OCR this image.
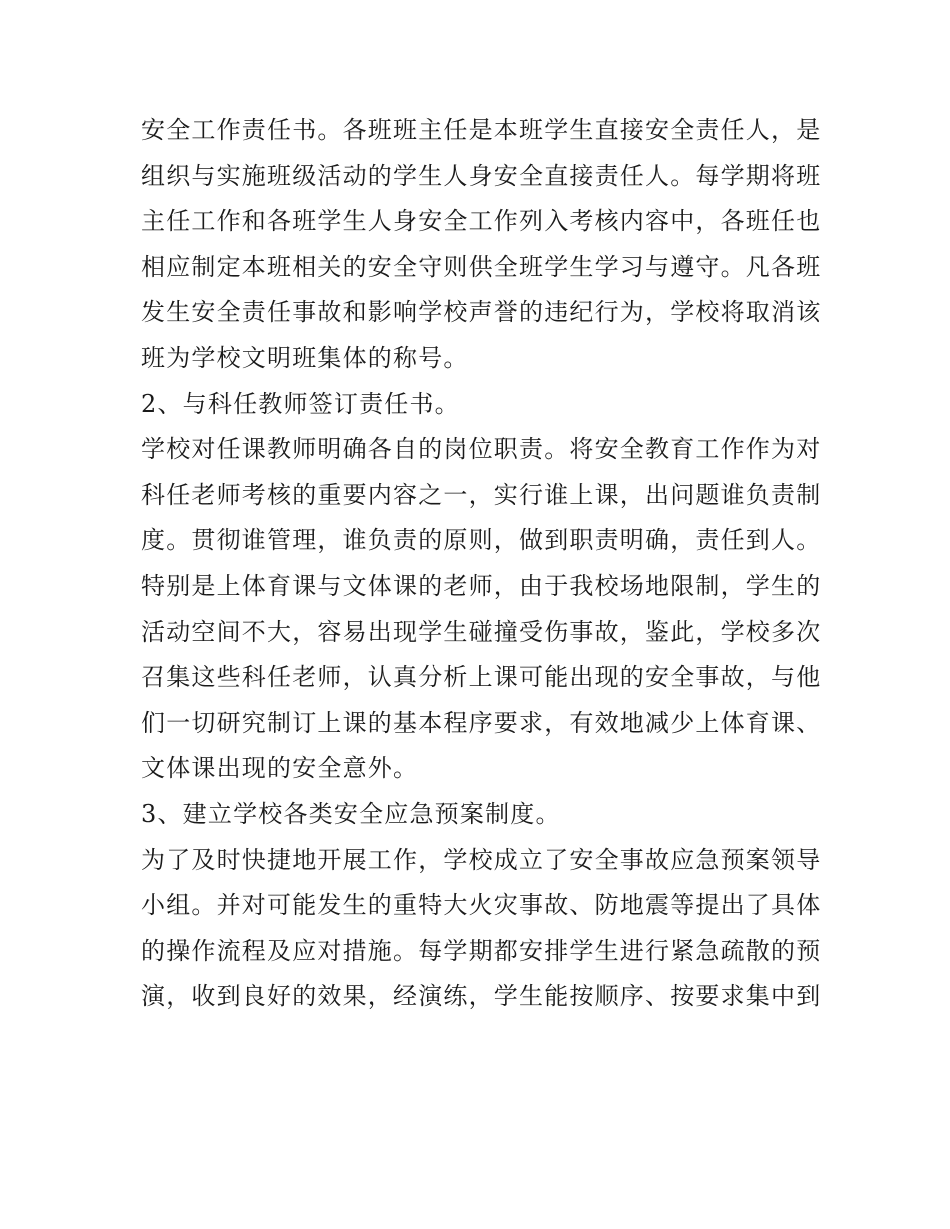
安全工作责任书。各班班主任是本班学生直接安全责任人，是
组织与实施班级活动的学生人身安全直接责任人。每学期将班
主任工作和各班学生人身安全工作列入考核内容中，各班任也
相应制定本班相关的安全守则供全班学生学习与遵守。凡各班
发生安全责任事故和影响学校声誉的违纪行为，学校将取消该
班为学校文明班集体的称号。
2、与科任教师签订责任书。
学校对任课教师明确各自的岗位职责。将安全教育工作作为对
科任老师考核的重要内容之一，实行谁上课，出问题谁负责制
度。贯彻谁管理，谁负责的原则，做到职责明确，责任到人。
特别是上体育课与文体课的老师，由于我校场地限制，学生的
活动空间不大，容易出现学生碰撞受伤事故，鉴此，学校多次
召集这些科任老师，认真分析上课可能出现的安全事故，与他
们一切研究制订上课的基本程序要求，有效地减少上体育课、
文体课出现的安全意外。
3、建立学校各类安全应急预案制度。
为了及时快捷地开展工作，学校成立了安全事故应急预案领导
小组。并对可能发生的重特大火灾事故、防地震等提出了具体
的操作流程及应对措施。每学期都安排学生进行紧急疏散的预
演，收到良好的效果，经演练，学生能按顺序、按要求集中到
